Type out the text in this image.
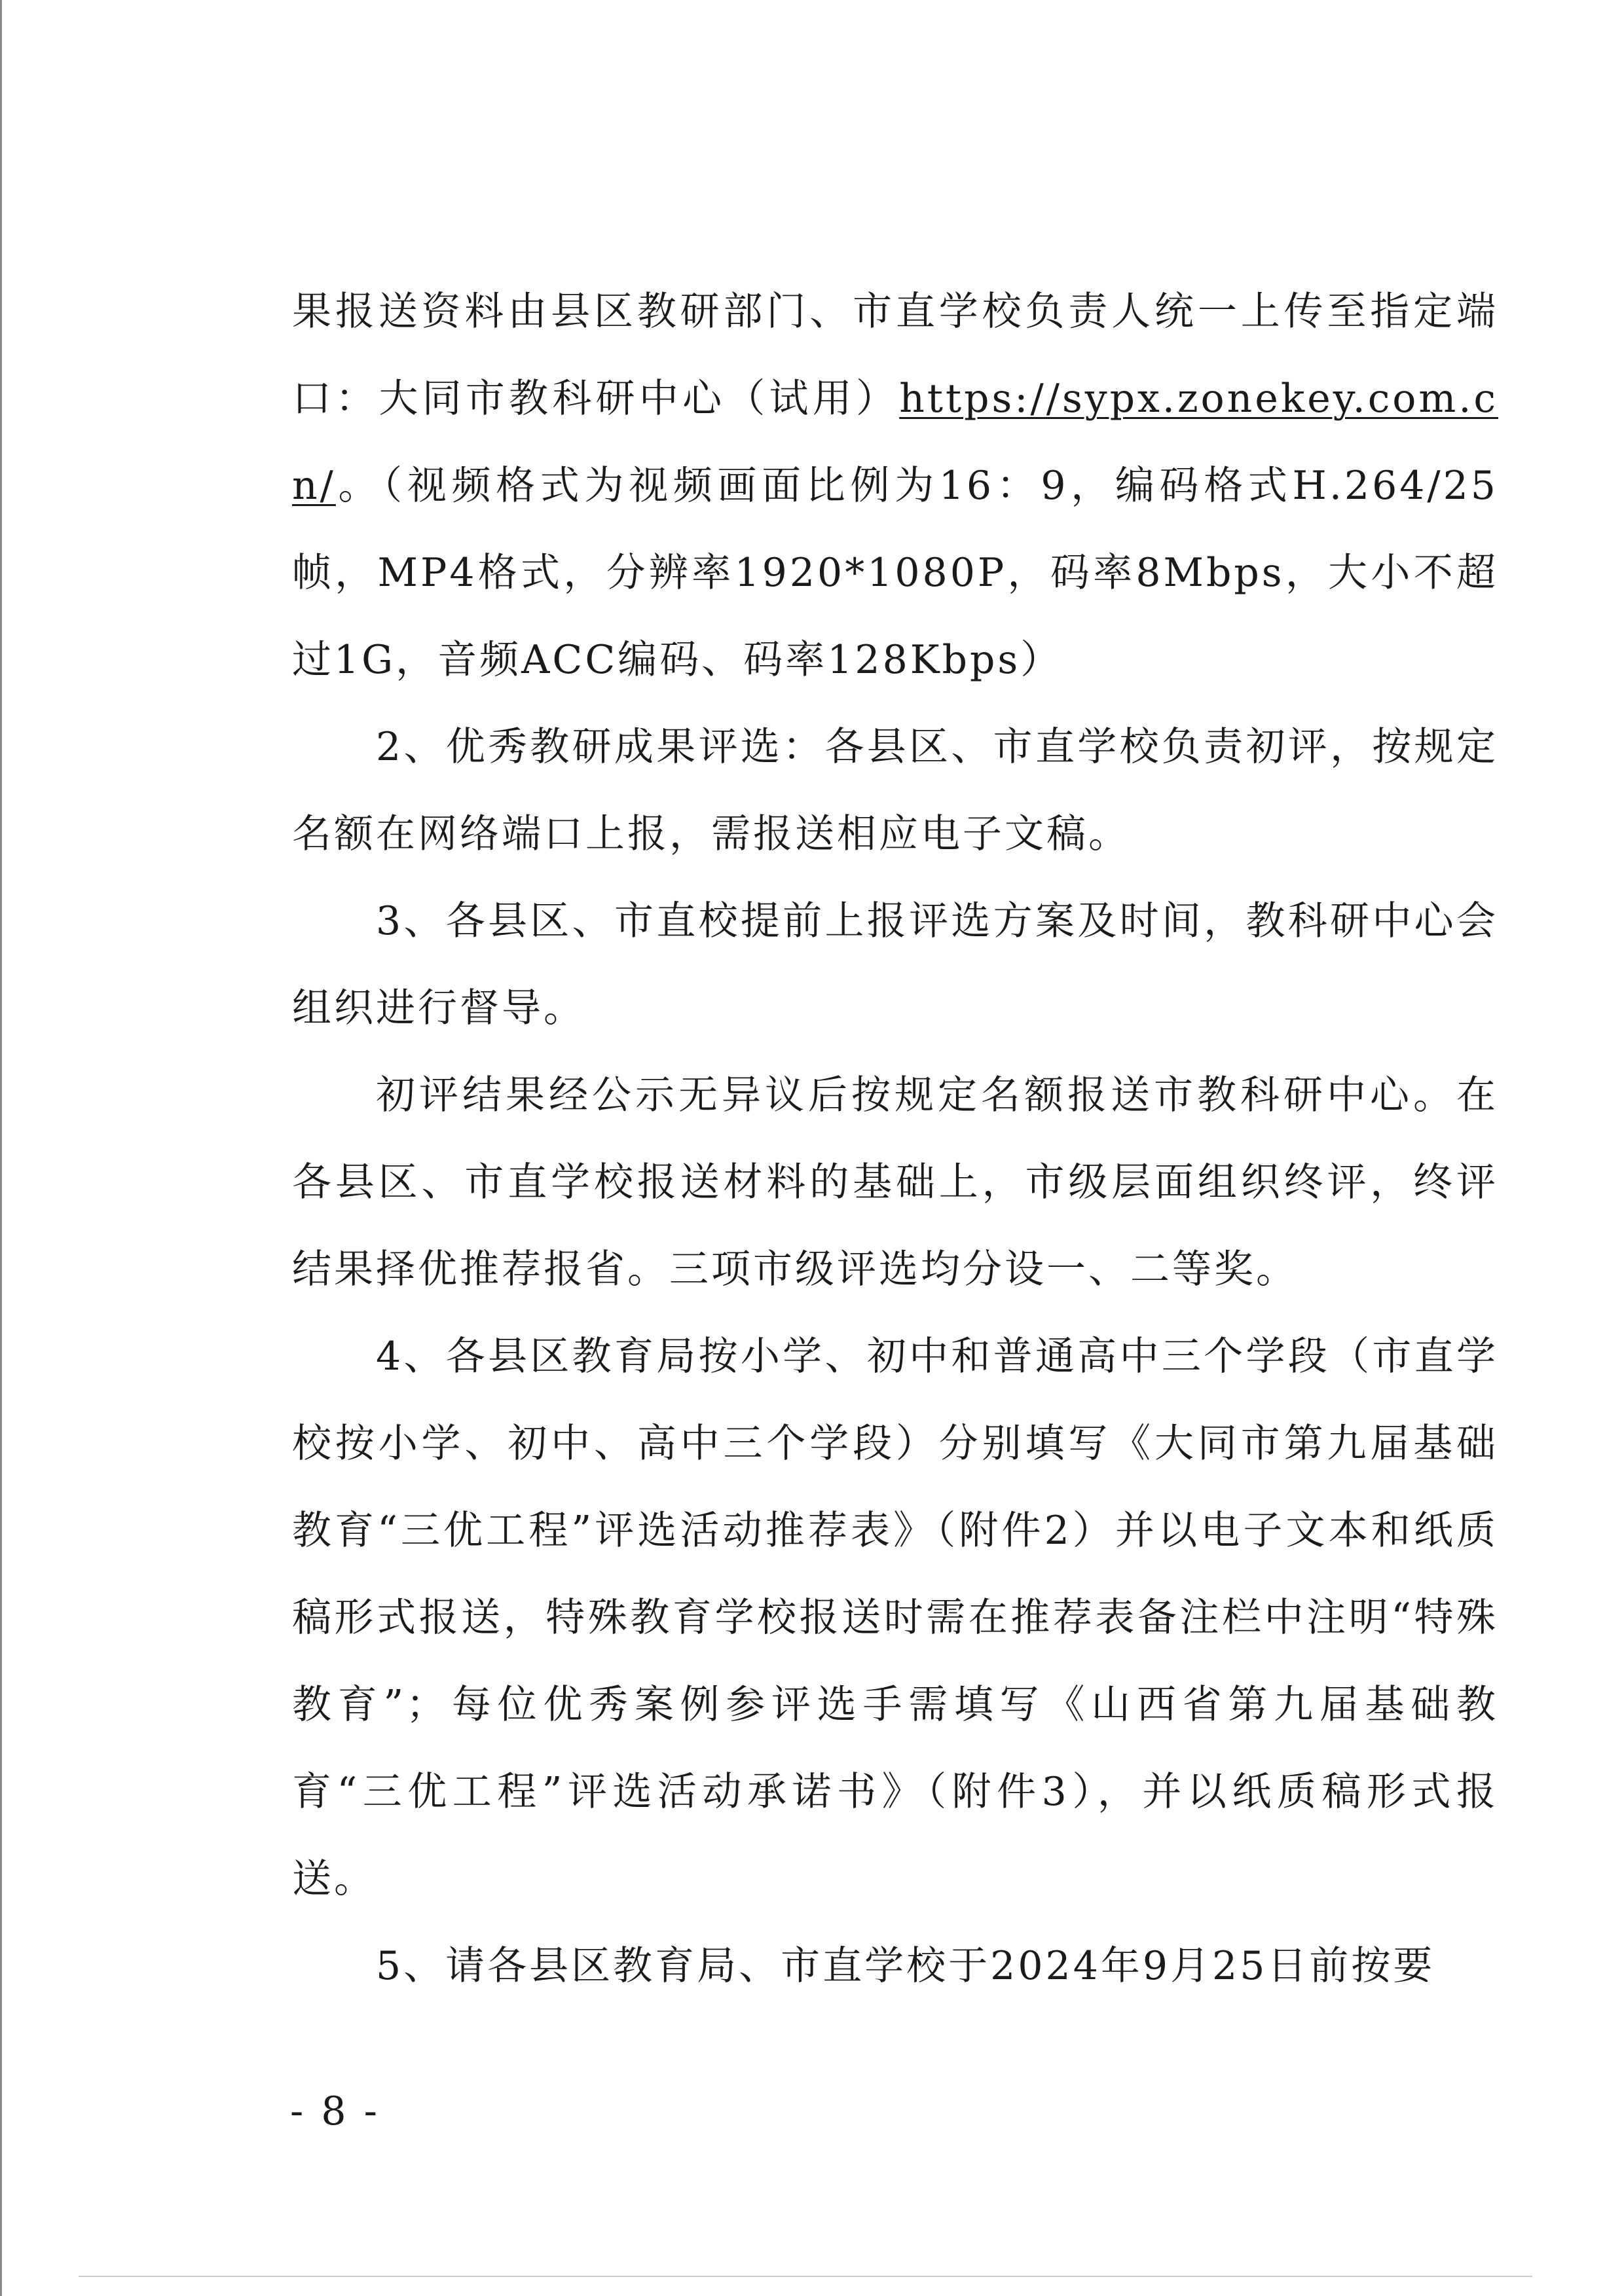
果报送资料由县区教研部门、市直学校负责人统一上传至指定端口：大同市教科研中心（试用）https://sypx.zonekey.com.cn/。（视频格式为视频画面比例为16：9，编码格式H.264/25帧，MP4格式，分辨率1920*1080P，码率8Mbps，大小不超过1G，音频ACC编码、码率128Kbps）

2、优秀教研成果评选：各县区、市直学校负责初评，按规定名额在网络端口上报，需报送相应电子文稿。

3、各县区、市直校提前上报评选方案及时间，教科研中心会组织进行督导。

初评结果经公示无异议后按规定名额报送市教科研中心。在各县区、市直学校报送材料的基础上，市级层面组织终评，终评结果择优推荐报省。三项市级评选均分设一、二等奖。

4、各县区教育局按小学、初中和普通高中三个学段（市直学校按小学、初中、高中三个学段）分别填写《大同市第九届基础教育“三优工程”评选活动推荐表》（附件2）并以电子文本和纸质稿形式报送，特殊教育学校报送时需在推荐表备注栏中注明“特殊教育”；每位优秀案例参评选手需填写《山西省第九届基础教育“三优工程”评选活动承诺书》（附件3），并以纸质稿形式报送。

5、请各县区教育局、市直学校于2024年9月25日前按要

- 8 -
